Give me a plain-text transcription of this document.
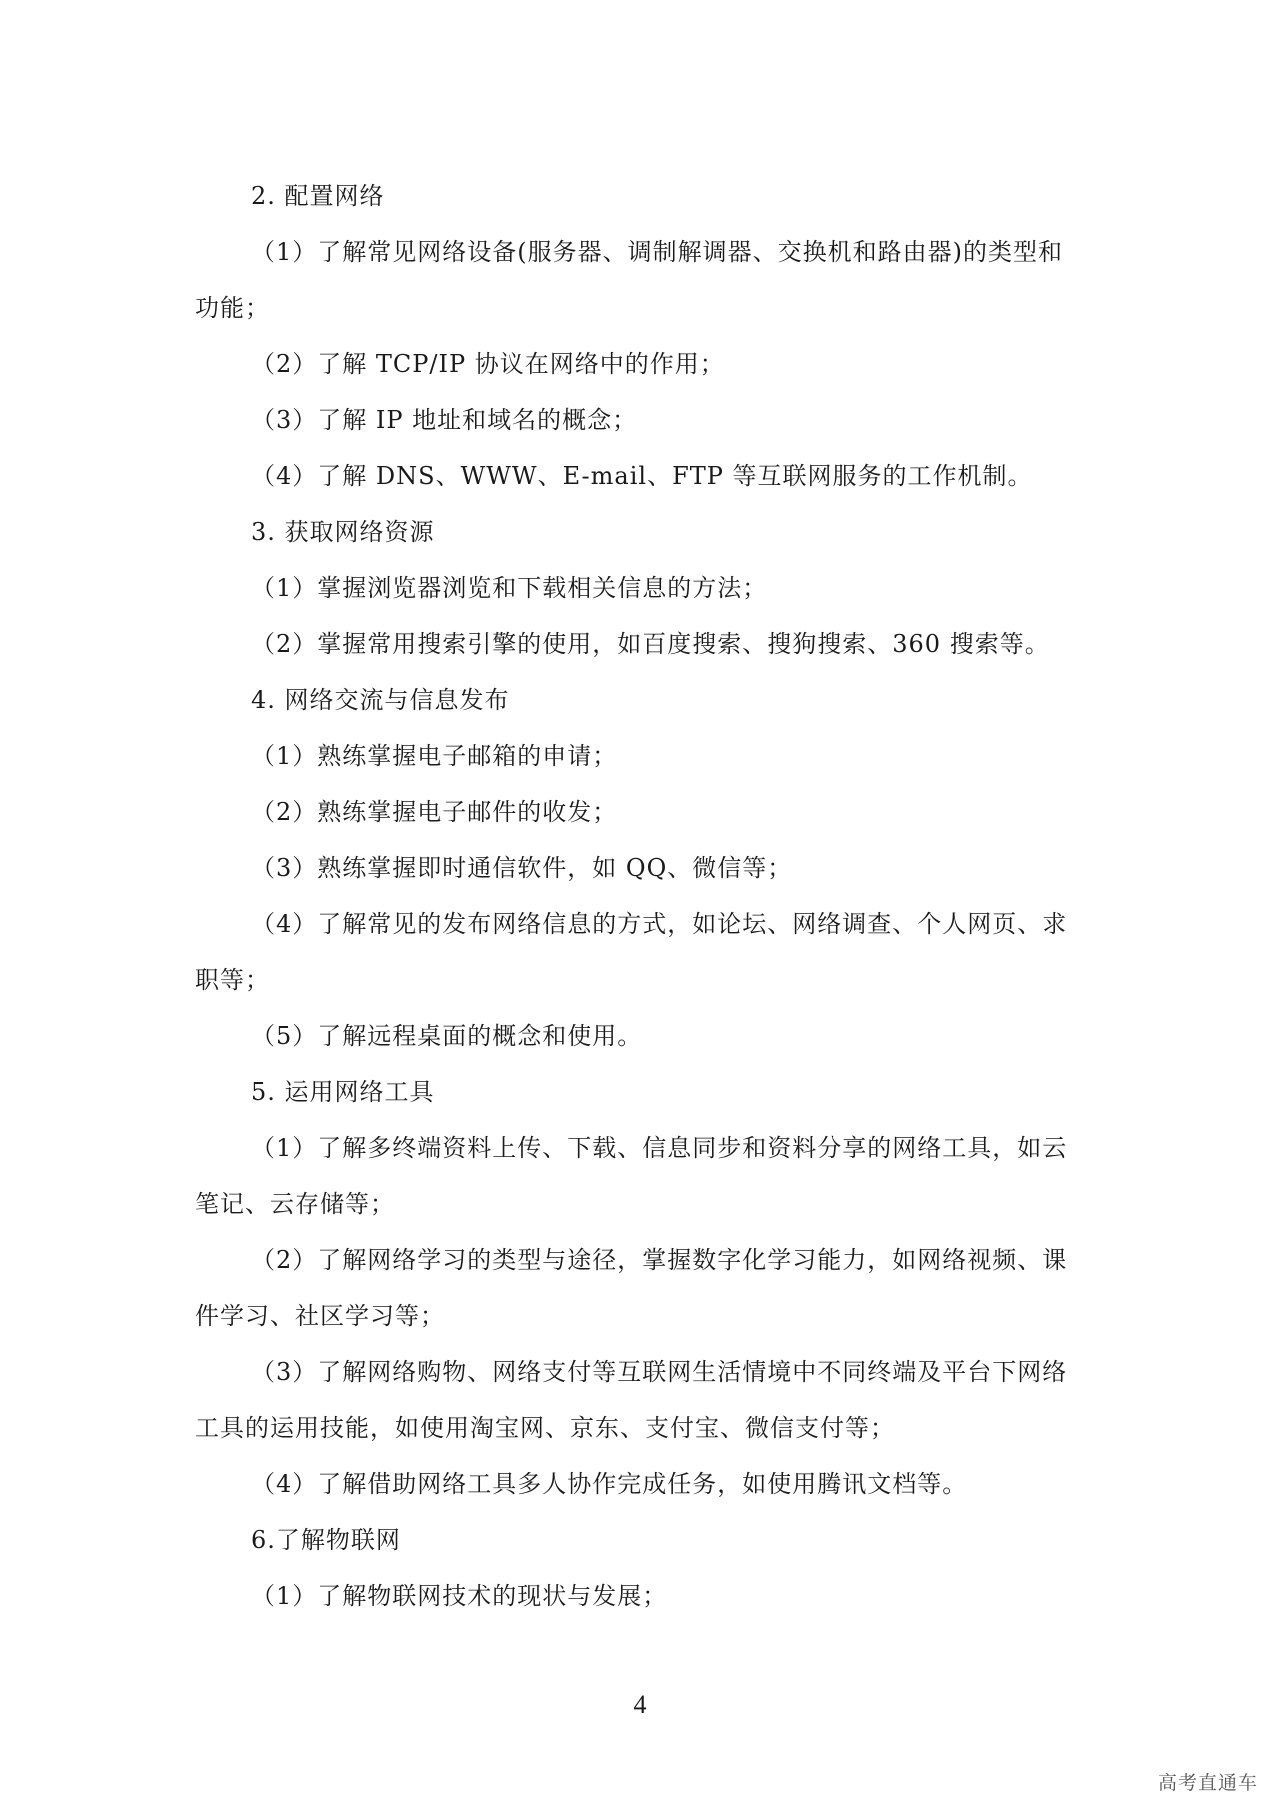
2. 配置网络
（1）了解常见网络设备(服务器、调制解调器、交换机和路由器)的类型和
功能；
（2）了解 TCP/IP 协议在网络中的作用；
（3）了解 IP 地址和域名的概念；
（4）了解 DNS、WWW、E-mail、FTP 等互联网服务的工作机制。
3. 获取网络资源
（1）掌握浏览器浏览和下载相关信息的方法；
（2）掌握常用搜索引擎的使用，如百度搜索、搜狗搜索、360 搜索等。
4. 网络交流与信息发布
（1）熟练掌握电子邮箱的申请；
（2）熟练掌握电子邮件的收发；
（3）熟练掌握即时通信软件，如 QQ、微信等；
（4）了解常见的发布网络信息的方式，如论坛、网络调查、个人网页、求
职等；
（5）了解远程桌面的概念和使用。
5. 运用网络工具
（1）了解多终端资料上传、下载、信息同步和资料分享的网络工具，如云
笔记、云存储等；
（2）了解网络学习的类型与途径，掌握数字化学习能力，如网络视频、课
件学习、社区学习等；
（3）了解网络购物、网络支付等互联网生活情境中不同终端及平台下网络
工具的运用技能，如使用淘宝网、京东、支付宝、微信支付等；
（4）了解借助网络工具多人协作完成任务，如使用腾讯文档等。
6.了解物联网
（1）了解物联网技术的现状与发展；
4
高考直通车
